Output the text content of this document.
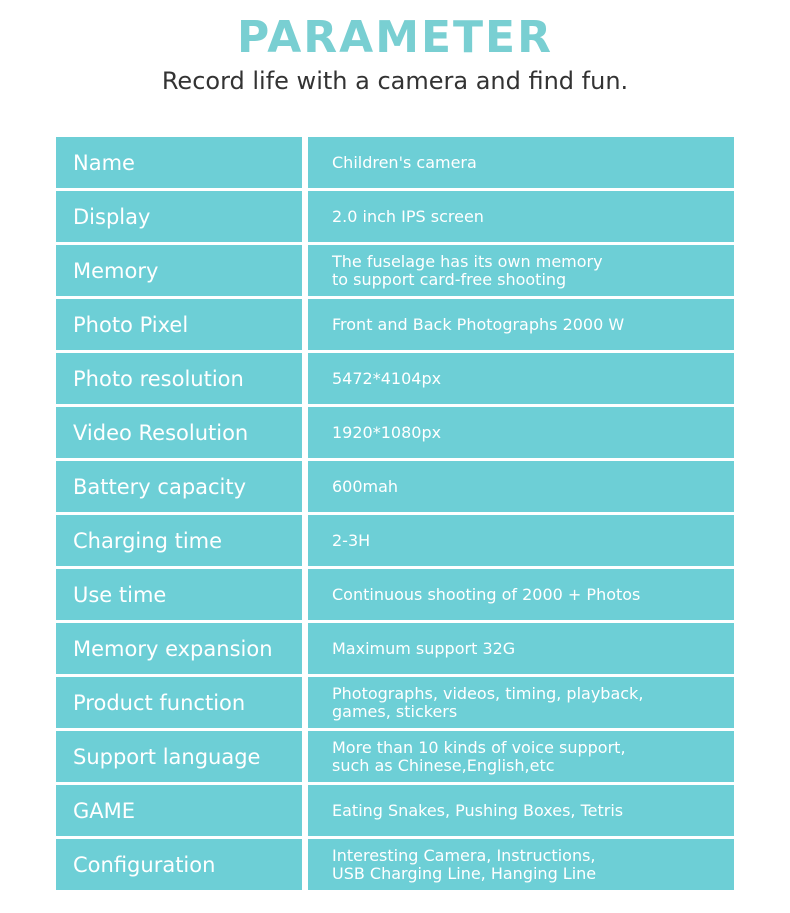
PARAMETER
Record life with a camera and find fun.
Name	Children's camera
Display	2.0 inch IPS screen
Memory	The fuselage has its own memory
to support card-free shooting
Photo Pixel	Front and Back Photographs 2000 W
Photo resolution	5472*4104px
Video Resolution	1920*1080px
Battery capacity	600mah
Charging time	2-3H
Use time	Continuous shooting of 2000 + Photos
Memory expansion	Maximum support 32G
Product function	Photographs, videos, timing, playback,
games, stickers
Support language	More than 10 kinds of voice support,
such as Chinese,English,etc
GAME	Eating Snakes, Pushing Boxes, Tetris
Configuration	Interesting Camera, Instructions,
USB Charging Line, Hanging Line
